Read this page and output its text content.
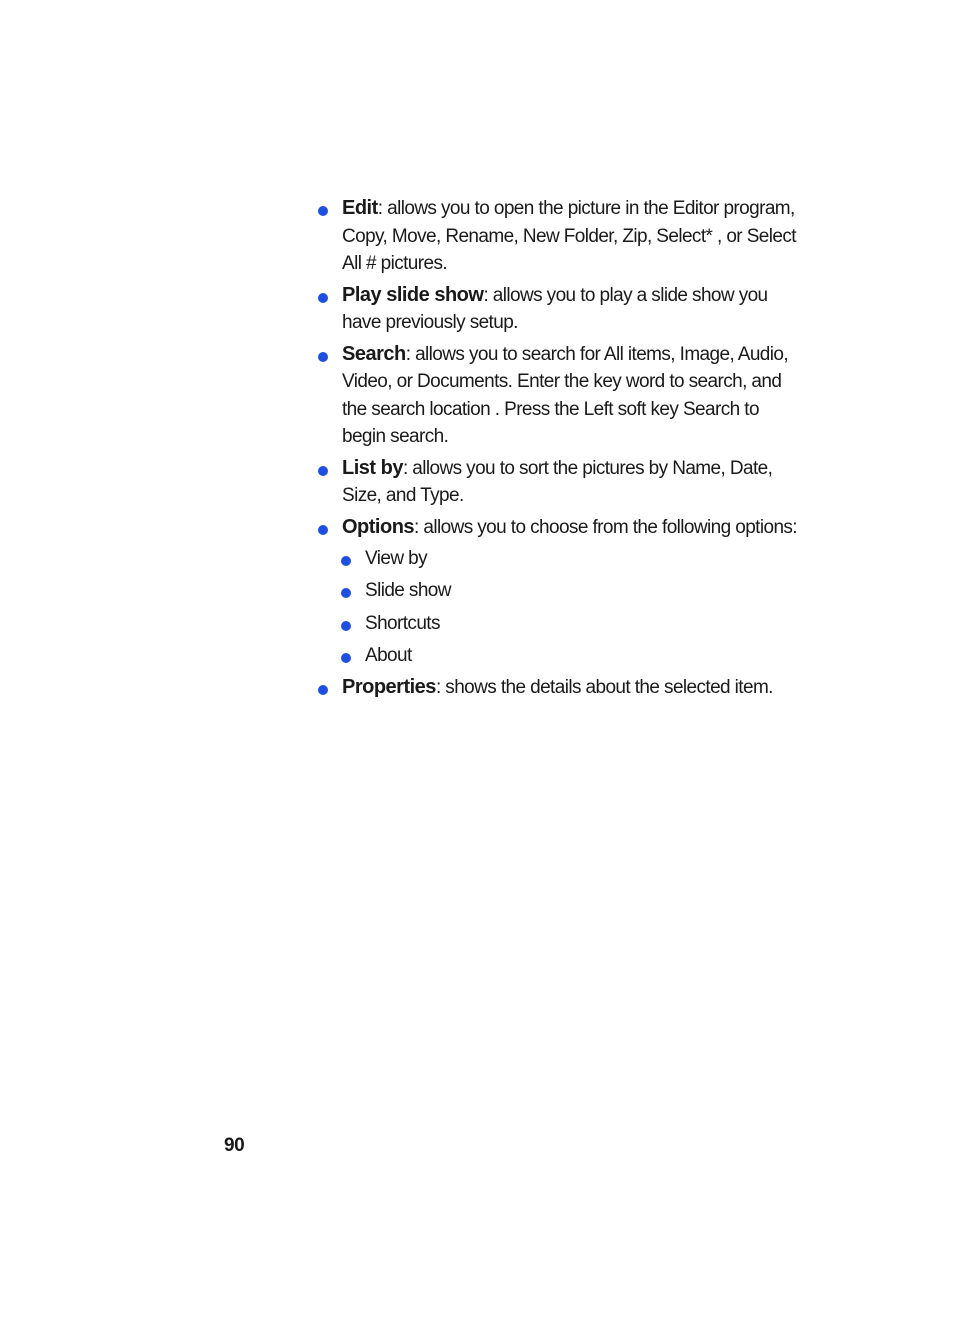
Edit: allows you to open the picture in the Editor program, Copy, Move, Rename, New Folder, Zip, Select* , or Select All # pictures.
Play slide show: allows you to play a slide show you have previously setup.
Search: allows you to search for All items, Image, Audio, Video, or Documents. Enter the key word to search, and the search location . Press the Left soft key Search to begin search.
List by: allows you to sort the pictures by Name, Date, Size, and Type.
Options: allows you to choose from the following options:
View by
Slide show
Shortcuts
About
Properties: shows the details about the selected item.
90
